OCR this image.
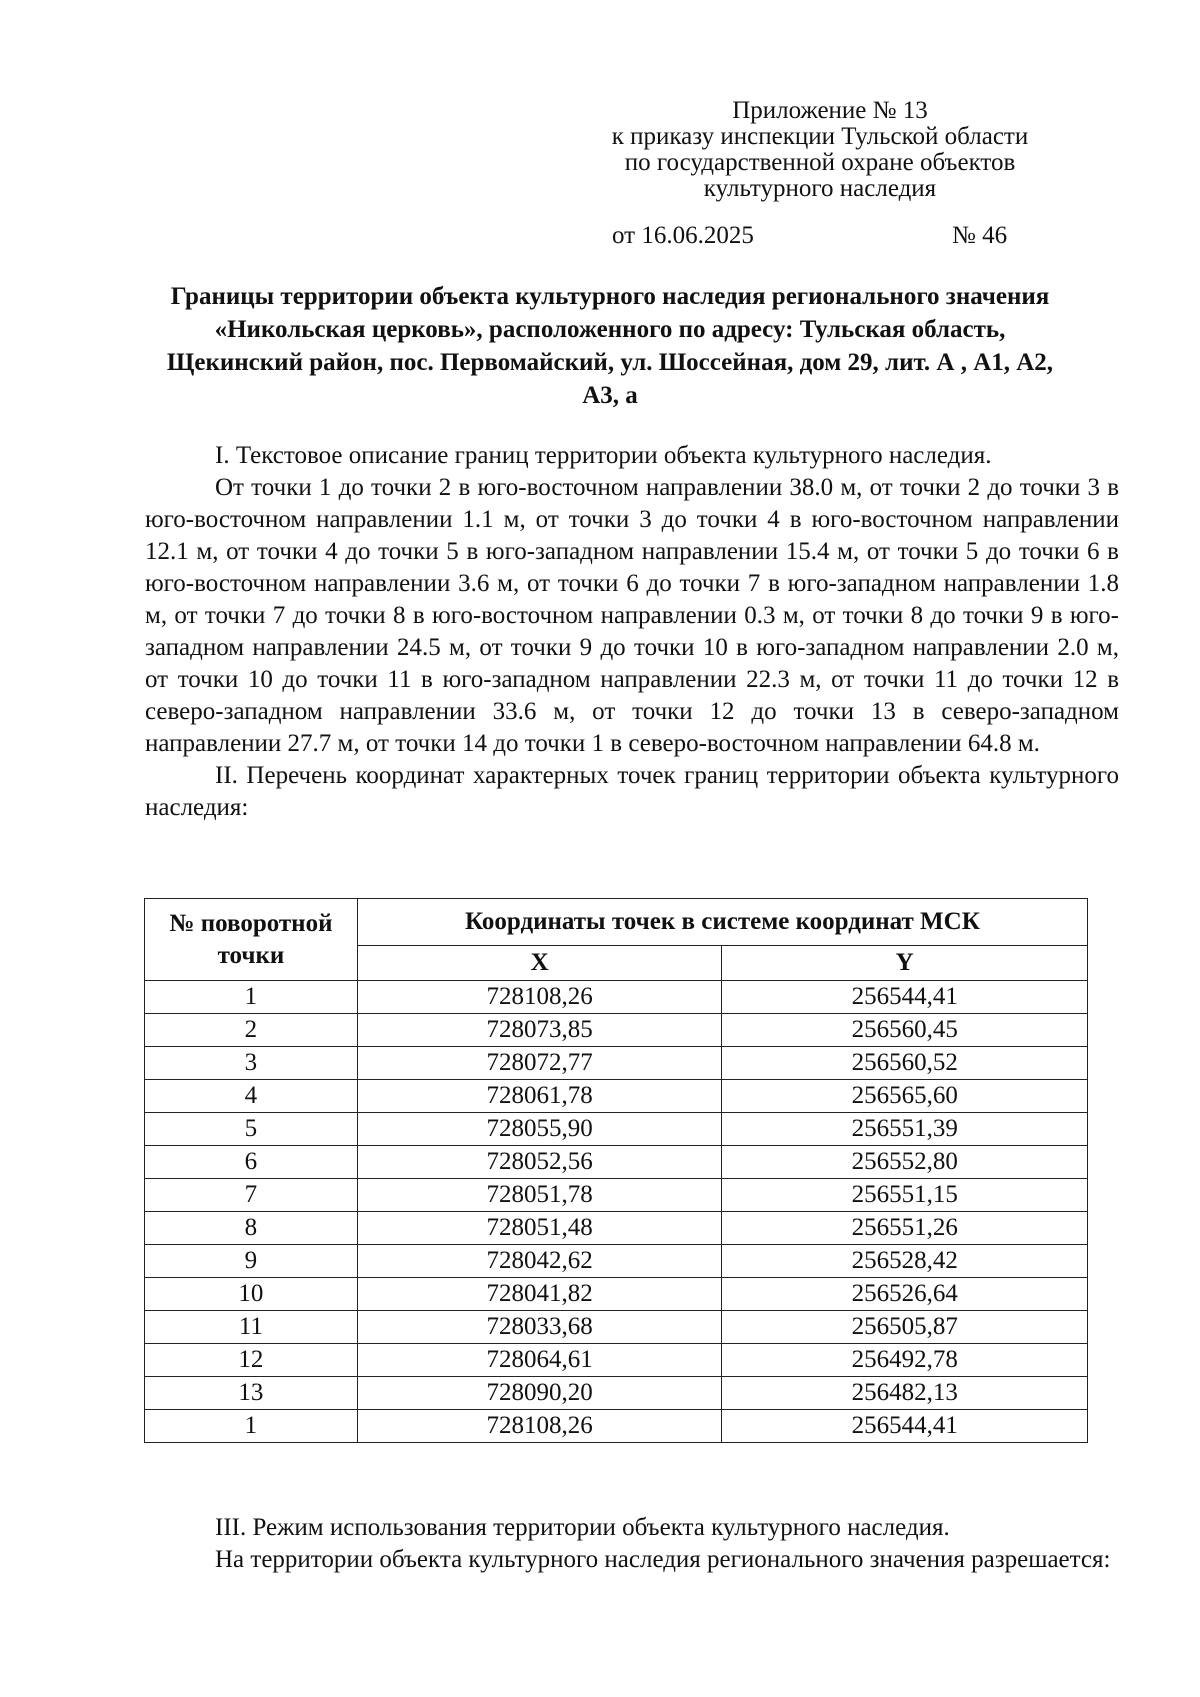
Приложение № 13
к приказу инспекции Тульской области
по государственной охране объектов
культурного наследия
от 16.06.2025	№ 46
Границы территории объекта культурного наследия регионального значения «Никольская церковь», расположенного по адресу: Тульская область, Щекинский район, пос. Первомайский, ул. Шоссейная, дом 29, лит. А , А1, А2, А3, а

I. Текстовое описание границ территории объекта культурного наследия.

От точки 1 до точки 2 в юго-восточном направлении 38.0 м, от точки 2 до точки 3 в юго-восточном направлении 1.1 м, от точки 3 до точки 4 в юго-восточном направлении 12.1 м, от точки 4 до точки 5 в юго-западном направлении 15.4 м, от точки 5 до точки 6 в юго-восточном направлении 3.6 м, от точки 6 до точки 7 в юго-западном направлении 1.8 м, от точки 7 до точки 8 в юго-восточном направлении 0.3 м, от точки 8 до точки 9 в юго-западном направлении 24.5 м, от точки 9 до точки 10 в юго-западном направлении 2.0 м, от точки 10 до точки 11 в юго-западном направлении 22.3 м, от точки 11 до точки 12 в северо-западном направлении 33.6 м, от точки 12 до точки 13 в северо-западном направлении 27.7 м, от точки 14 до точки 1 в северо-восточном направлении 64.8 м.

II. Перечень координат характерных точек границ территории объекта культурного наследия:

№ поворотной точки	Координаты точек в системе координат МСК	
	X	Y
1	728108,26	256544,41
2	728073,85	256560,45
3	728072,77	256560,52
4	728061,78	256565,60
5	728055,90	256551,39
6	728052,56	256552,80
7	728051,78	256551,15
8	728051,48	256551,26
9	728042,62	256528,42
10	728041,82	256526,64
11	728033,68	256505,87
12	728064,61	256492,78
13	728090,20	256482,13
1	728108,26	256544,41

III. Режим использования территории объекта культурного наследия.

На территории объекта культурного наследия регионального значения разрешается:
